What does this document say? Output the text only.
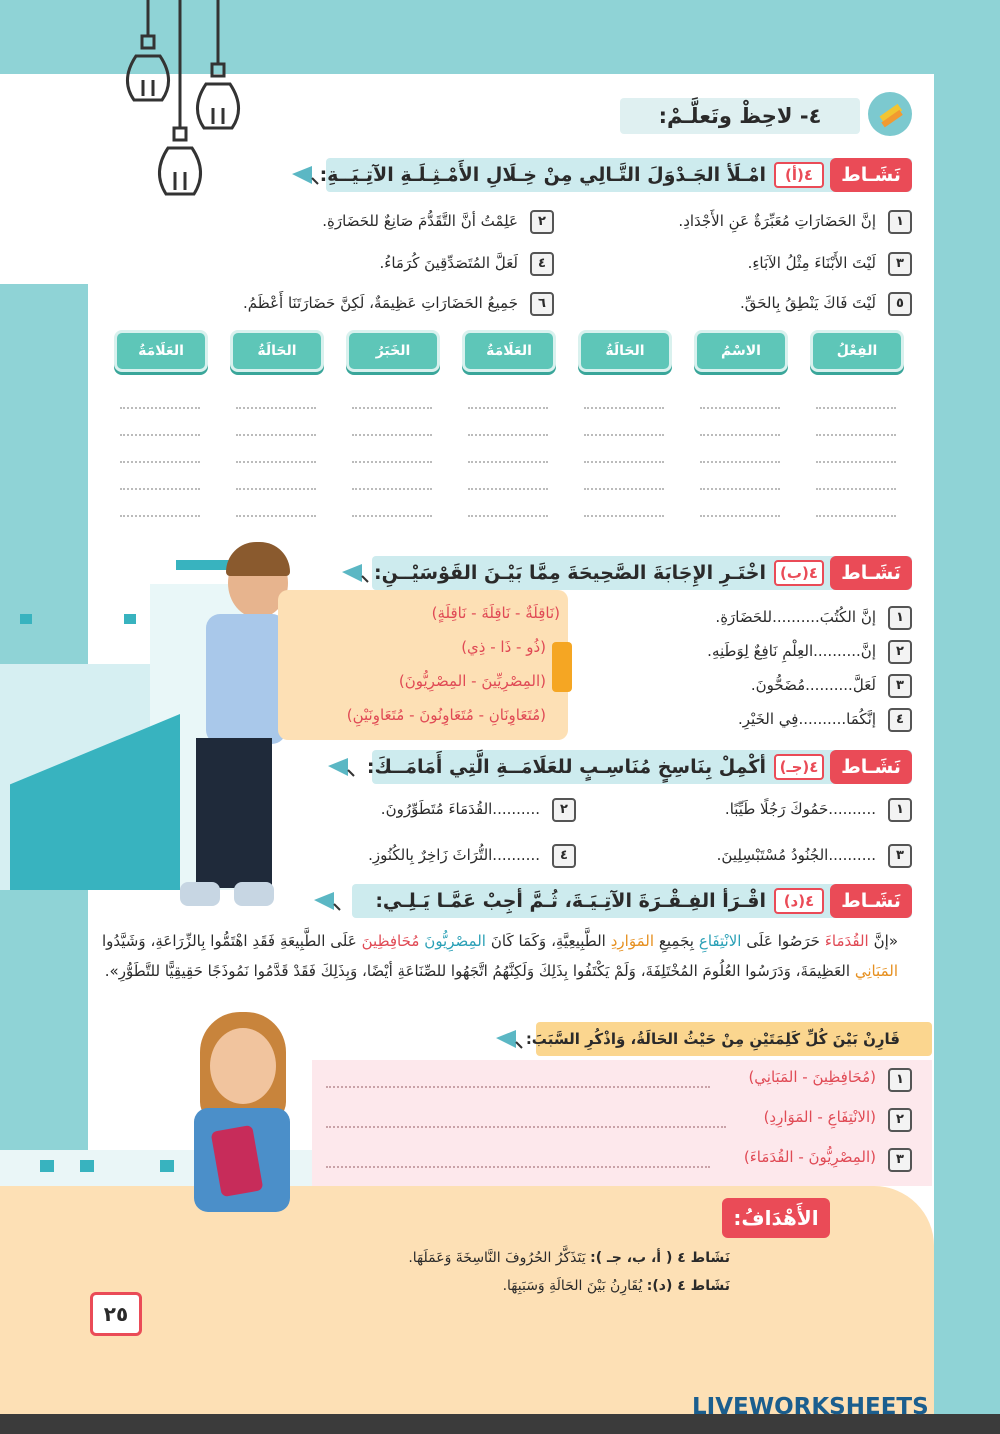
٤- لاحِظْ وتَعلَّـمْ:
نَشَـاط
٤(أ)
امْـلَأ الجَـدْوَلَ التَّـالِي مِنْ خِـلَالِ الأَمْـثِـلَـةِ الآتِـيَــةِ:
١
إنَّ الحَضَارَاتِ مُعَبِّرَةٌ عَنِ الأَجْدَادِ.
٢
عَلِمْتُ أنَّ التَّقَدُّمَ صَانِعٌ للحَضَارَةِ.
٣
لَيْتَ الأَبْنَاءَ مِثْلُ الآبَاءِ.
٤
لَعَلَّ المُتَصَدِّقِينَ كُرَمَاءُ.
٥
لَيْتَ فَاكَ يَنْطِقُ بِالحَقِّ.
٦
جَمِيعُ الحَضَارَاتِ عَظِيمَةٌ، لَكِنَّ حَضَارَتَنَا أَعْظَمُ.
الفِعْلُ النَّاسِخُ
الاسْمُ
الحَالَةُ
العَلَامَةُ
الخَبَرُ
الحَالَةُ
العَلَامَةُ
نَشَـاط
٤(ب)
اخْتَـرِ الإِجَابَةَ الصَّحِيحَةَ مِمَّا بَيْـنَ القَوْسَيْــنِ:
١
إنَّ الكُتُبَ..........للحَضَارَةِ.
٢
إنَّ..........العِلْمِ نَافِعٌ لِوَطَنِهِ.
٣
لَعَلَّ..........مُضَحُّونَ.
٤
إنَّكُمَا..........فِي الخَيْرِ.
(نَاقِلَةٌ - نَاقِلَةَ - نَاقِلَةٍ)
(ذُو - ذَا - ذِي)
(المِصْرِيِّينَ - المِصْرِيُّونَ)
(مُتَعَاوِنَانِ - مُتَعَاوِنُونَ - مُتَعَاوِنَيْنِ)
نَشَـاط
٤(جـ)
أكْمِلْ بِنَاسِخٍ مُنَاسِـبٍ للعَلَامَــةِ الَّتِي أَمَامَــكَ:
١
..........حَمُوكَ رَجُلًا طَيِّبًا.
٢
..........القُدَمَاءَ مُتَطَوِّرُونَ.
٣
..........الجُنُودُ مُسْتَبْسِلِينَ.
٤
..........التُّرَاثَ زَاخِرٌ بِالكُنُوزِ.
نَشَـاط
٤(د)
اقْـرَأ الفِـقْـرَةَ الآتِـيَـةَ، ثُـمَّ أجِبْ عَمَّـا يَـلِـي:
«إنَّ القُدَمَاءَ حَرَصُوا عَلَى الانْتِفَاعِ بِجَمِيعِ المَوَارِدِ الطَّبِيعِيَّةِ، وَكَمَا كَانَ المِصْرِيُّونَ مُحَافِظِينَ عَلَى الطَّبِيعَةِ فَقَدِ اهْتَمُّوا بِالزِّرَاعَةِ، وَشَيَّدُوا المَبَانِي العَظِيمَةَ، وَدَرَسُوا العُلُومَ المُخْتَلِفَةَ، وَلَمْ يَكْتَفُوا بِذَلِكَ وَلَكِنَّهُمُ اتَّجَهُوا للصِّنَاعَةِ أيْضًا، وَبِذَلِكَ فَقَدْ قَدَّمُوا نَمُوذَجًا حَقِيقِيًّا للتَّطَوُّرِ».
قَارِنْ بَيْنَ كُلِّ كَلِمَتَيْنِ مِنْ حَيْثُ الحَالَةُ، وَاذْكُرِ السَّبَبَ:
١
(مُحَافِظِينَ - المَبَانِي)
٢
(الانْتِفَاعِ - المَوَارِدِ)
٣
(المِصْرِيُّونَ - القُدَمَاءَ)
الأَهْدَافُ:
نَشَاط ٤ ( أ، ب، جـ ): يَتَذَكَّرُ الحُرُوفَ النَّاسِخَةَ وَعَمَلَهَا.
نَشَاط ٤ (د): يُقَارِنُ بَيْنَ الحَالَةِ وَسَبَبِهَا.
٢٥
LIVEWORKSHEETS
